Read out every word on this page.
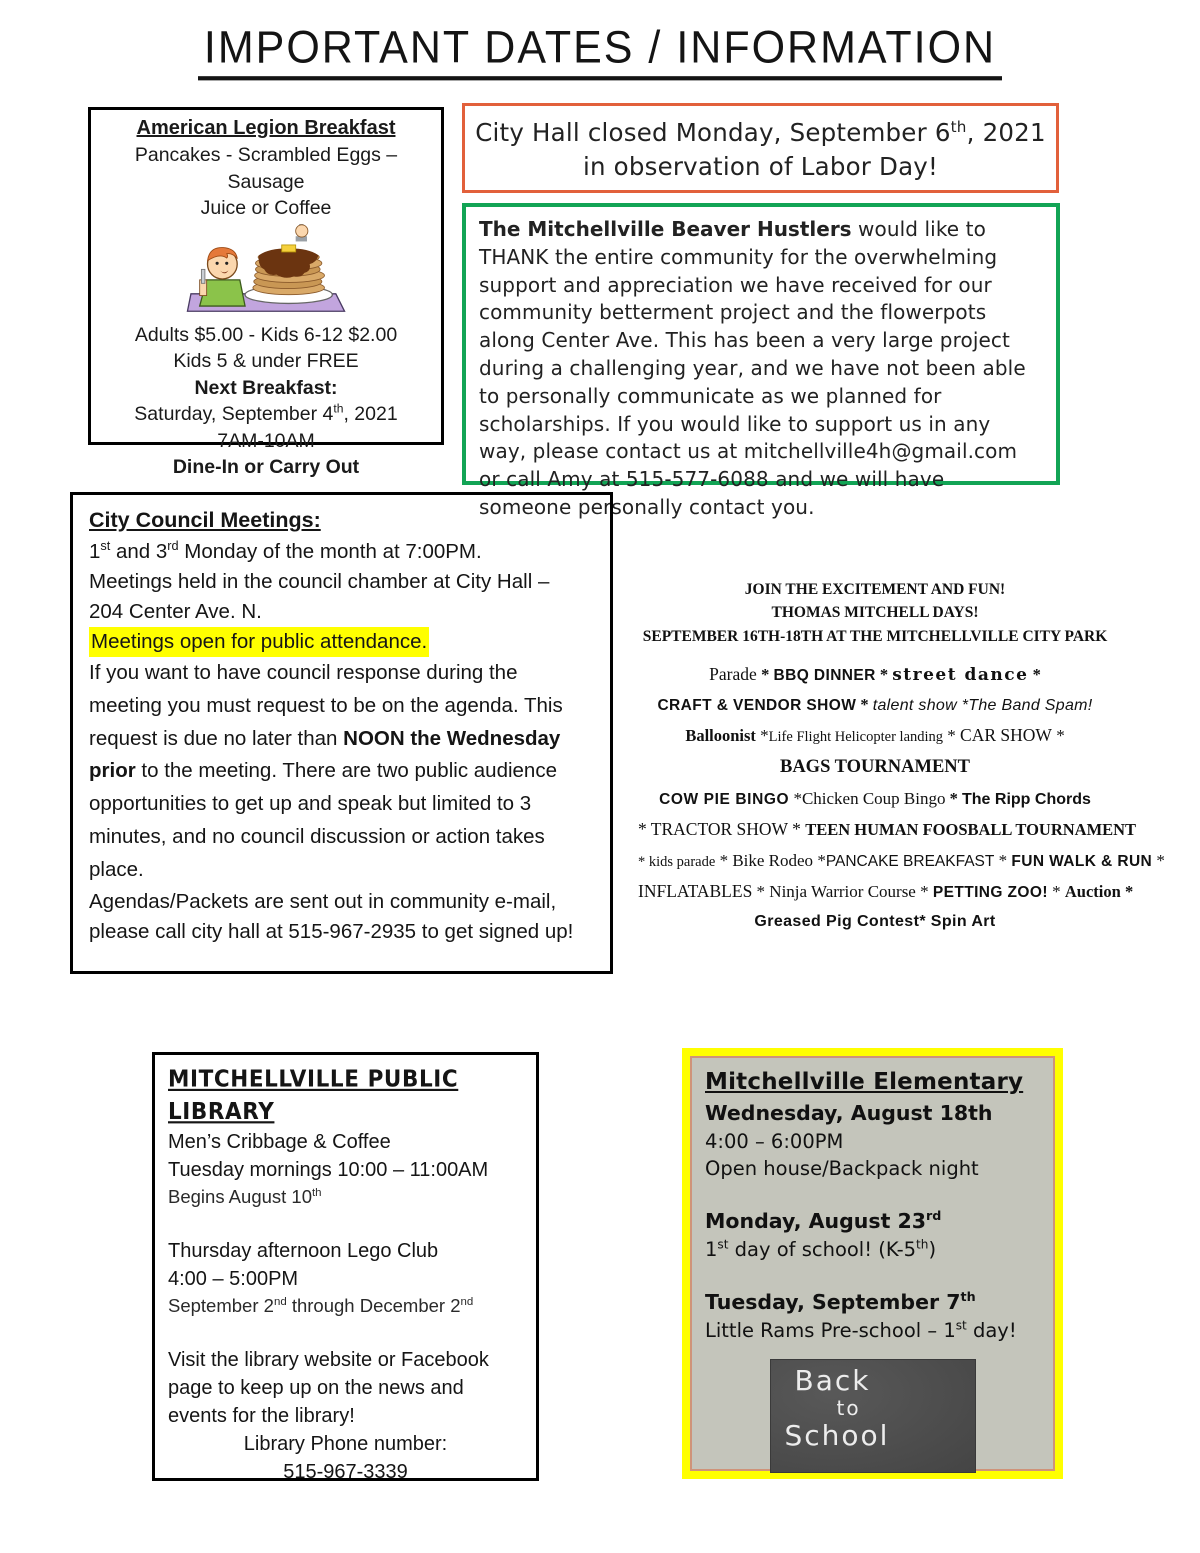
IMPORTANT DATES / INFORMATION
American Legion Breakfast
Pancakes - Scrambled Eggs – Sausage
Juice or Coffee
Adults $5.00 - Kids 6-12 $2.00
Kids 5 & under FREE
Next Breakfast:
Saturday, September 4th, 2021
7AM-10AM
Dine-In or Carry Out
City Hall closed Monday, September 6th, 2021
in observation of Labor Day!
The Mitchellville Beaver Hustlers would like to THANK the entire community for the overwhelming support and appreciation we have received for our community betterment project and the flowerpots along Center Ave. This has been a very large project during a challenging year, and we have not been able to personally communicate as we planned for scholarships. If you would like to support us in any way, please contact us at mitchellville4h@gmail.com or call Amy at 515-577-6088 and we will have someone personally contact you.
City Council Meetings:
1st and 3rd Monday of the month at 7:00PM.
Meetings held in the council chamber at City Hall –
204 Center Ave. N.
Meetings open for public attendance.
If you want to have council response during the meeting you must request to be on the agenda. This request is due no later than NOON the Wednesday prior to the meeting. There are two public audience opportunities to get up and speak but limited to 3 minutes, and no council discussion or action takes place.
Agendas/Packets are sent out in community e-mail, please call city hall at 515-967-2935 to get signed up!
JOIN THE EXCITEMENT AND FUN!
THOMAS MITCHELL DAYS!
SEPTEMBER 16TH-18TH AT THE MITCHELLVILLE CITY PARK
Parade * BBQ DINNER * street dance *
CRAFT & VENDOR SHOW * talent show *The Band Spam!
Balloonist *Life Flight Helicopter landing * CAR SHOW *
BAGS TOURNAMENT
COW PIE BINGO *Chicken Coup Bingo * The Ripp Chords
* TRACTOR SHOW * TEEN HUMAN FOOSBALL TOURNAMENT
* kids parade * Bike Rodeo *PANCAKE BREAKFAST * FUN WALK & RUN *
INFLATABLES * Ninja Warrior Course * PETTING ZOO! * Auction *
Greased Pig Contest* Spin Art
MITCHELLVILLE PUBLIC LIBRARY
Men’s Cribbage & Coffee
Tuesday mornings 10:00 – 11:00AM
Begins August 10th
Thursday afternoon Lego Club
4:00 – 5:00PM
September 2nd through December 2nd
Visit the library website or Facebook page to keep up on the news and events for the library!
Library Phone number:
515-967-3339
Mitchellville Elementary
Wednesday, August 18th
4:00 – 6:00PM
Open house/Backpack night
Monday, August 23rd
1st day of school! (K-5th)
Tuesday, September 7th
Little Rams Pre-school – 1st day!
Back
to
School
